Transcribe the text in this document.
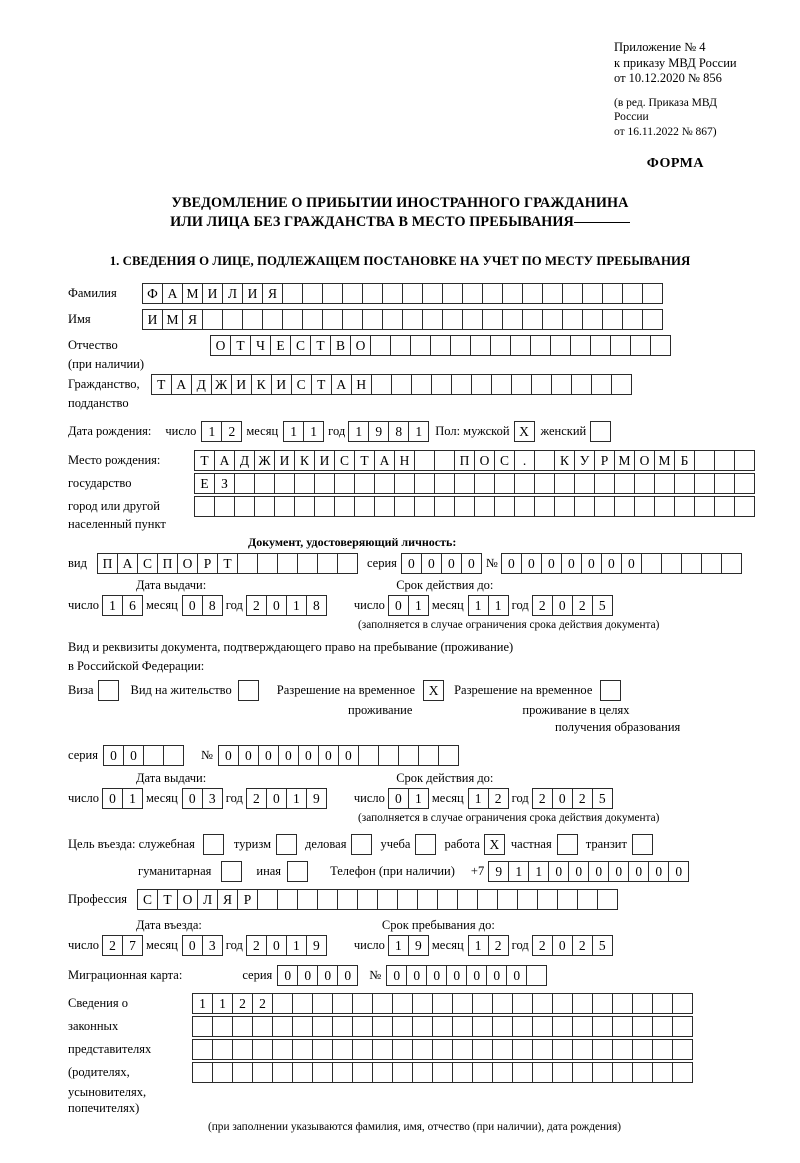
Приложение № 4
к приказу МВД России
от 10.12.2020 № 856
(в ред. Приказа МВД России
от 16.11.2022 № 867)
ФОРМА
УВЕДОМЛЕНИЕ О ПРИБЫТИИ ИНОСТРАННОГО ГРАЖДАНИНА
ИЛИ ЛИЦА БЕЗ ГРАЖДАНСТВА В МЕСТО ПРЕБЫВАНИЯ
1. СВЕДЕНИЯ О ЛИЦЕ, ПОДЛЕЖАЩЕМ ПОСТАНОВКЕ НА УЧЕТ ПО МЕСТУ ПРЕБЫВАНИЯ
Фамилия	Ф А М И Л И Я
Имя	И М Я
Отчество	О Т Ч Е С Т В О
(при наличии)
Гражданство,	Т А Д Ж И К И С Т А Н
подданство
Дата рождения: число 1 2 месяц 1 1 год 1 9 8 1	Пол: мужской X женский
Место рождения:	Т А Д Ж И К И С Т А Н	П О С	.	К У Р М О М Б
государство	Е З
город или другой
населенный пункт
Документ, удостоверяющий личность:
вид	П А С П О Р Т	серия 0 0 0 0 № 0 0 0 0 0 0 0
Дата выдачи:	Срок действия до:
число 1 6 месяц 0 8 год 2 0 1 8	число 0 1 месяц 1 1 год 2 0 2 5
(заполняется в случае ограничения срока действия документа)
Вид и реквизиты документа, подтверждающего право на пребывание (проживание)
в Российской Федерации:
Виза	Вид на жительство	Разрешение на временное	X	Разрешение на временное
проживание	проживание в целях
получения образования
серия 0 0	№ 0 0 0 0 0 0 0
Дата выдачи:	Срок действия до:
число 0 1 месяц 0 3 год 2 0 1 9	число 0 1 месяц 1 2 год 2 0 2 5
(заполняется в случае ограничения срока действия документа)
Цель въезда: служебная	туризм	деловая	учеба	работа X частная	транзит
гуманитарная	иная	Телефон (при наличии) +7 9 1 1 0 0 0 0 0 0 0
Профессия	С Т О Л Я Р
Дата въезда:	Срок пребывания до:
число 2 7 месяц 0 3 год 2 0 1 9	число 1 9 месяц 1 2 год 2 0 2 5
Миграционная карта:	серия 0 0 0 0	№ 0 0 0 0 0 0 0
Сведения о	1 1 2 2
законных
представителях
(родителях,
усыновителях,
попечителях)
(при заполнении указываются фамилия, имя, отчество (при наличии), дата рождения)
